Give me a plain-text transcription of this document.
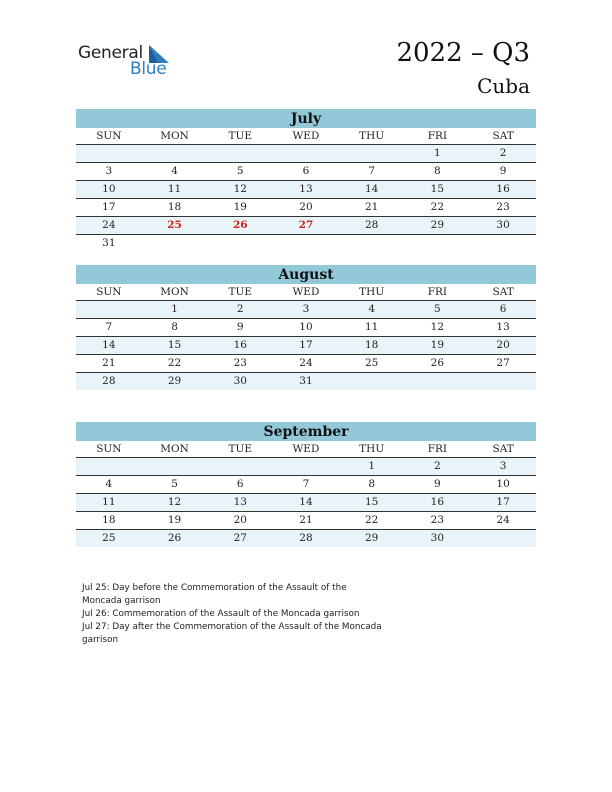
General
Blue
2022 – Q3
Cuba
July
SUN	MON	TUE	WED	THU	FRI	SAT
					1	2
3	4	5	6	7	8	9
10	11	12	13	14	15	16
17	18	19	20	21	22	23
24	25	26	27	28	29	30
31						
August
SUN	MON	TUE	WED	THU	FRI	SAT
	1	2	3	4	5	6
7	8	9	10	11	12	13
14	15	16	17	18	19	20
21	22	23	24	25	26	27
28	29	30	31			
September
SUN	MON	TUE	WED	THU	FRI	SAT
				1	2	3
4	5	6	7	8	9	10
11	12	13	14	15	16	17
18	19	20	21	22	23	24
25	26	27	28	29	30	
Jul 25: Day before the Commemoration of the Assault of the Moncada garrison
Jul 26: Commemoration of the Assault of the Moncada garrison
Jul 27: Day after the Commemoration of the Assault of the Moncada garrison
